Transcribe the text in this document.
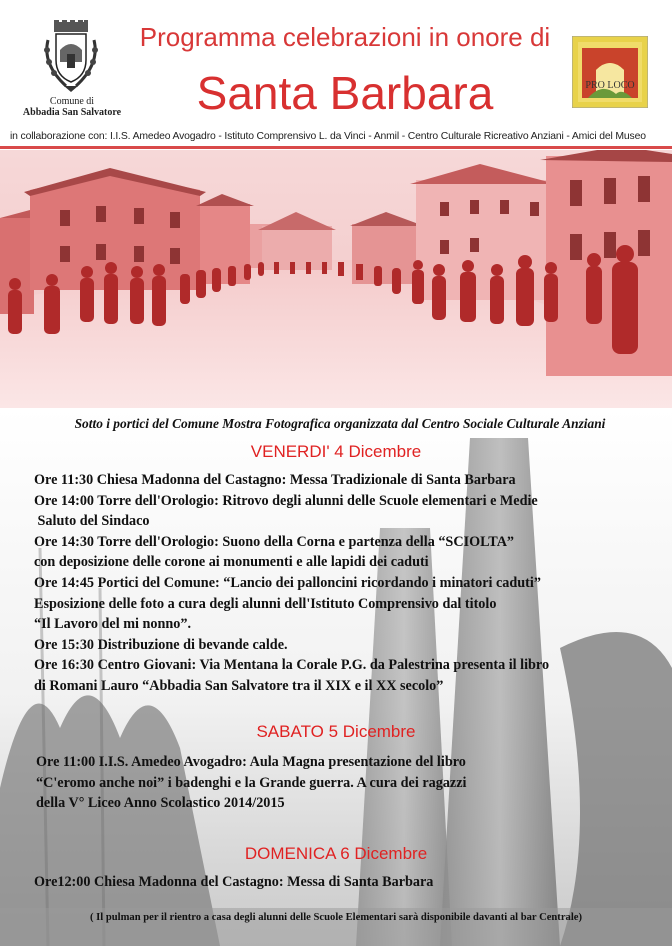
Comune di
Abbadia San Salvatore
Programma celebrazioni in onore di
Santa Barbara	PRO LOCO
in collaborazione con: I.I.S. Amedeo Avogadro - Istituto Comprensivo L. da Vinci - Anmil - Centro Culturale Ricreativo Anziani - Amici del Museo
Sotto i portici del Comune Mostra Fotografica organizzata dal Centro Sociale Culturale Anziani
VENERDI' 4 Dicembre
Ore 11:30 Chiesa Madonna del Castagno: Messa Tradizionale di Santa Barbara
Ore 14:00 Torre dell'Orologio: Ritrovo degli alunni delle Scuole elementari e Medie
Saluto del Sindaco
Ore 14:30 Torre dell'Orologio: Suono della Corna e partenza della “SCIOLTA”
con deposizione delle corone ai monumenti e alle lapidi dei caduti
Ore 14:45 Portici del Comune: “Lancio dei palloncini ricordando i minatori caduti”
Esposizione delle foto a cura degli alunni dell'Istituto Comprensivo dal titolo
“Il Lavoro del mi nonno”.
Ore 15:30 Distribuzione di bevande calde.
Ore 16:30 Centro Giovani: Via Mentana la Corale P.G. da Palestrina presenta il libro
di Romani Lauro “Abbadia San Salvatore tra il XIX e il XX secolo”
SABATO 5 Dicembre
Ore 11:00 I.I.S. Amedeo Avogadro: Aula Magna presentazione del libro
“C'eromo anche noi” i badenghi e la Grande guerra. A cura dei ragazzi
della V° Liceo Anno Scolastico 2014/2015
DOMENICA 6 Dicembre
Ore12:00 Chiesa Madonna del Castagno: Messa di Santa Barbara
( Il pulman per il rientro a casa degli alunni delle Scuole Elementari sarà disponibile davanti al bar Centrale)
